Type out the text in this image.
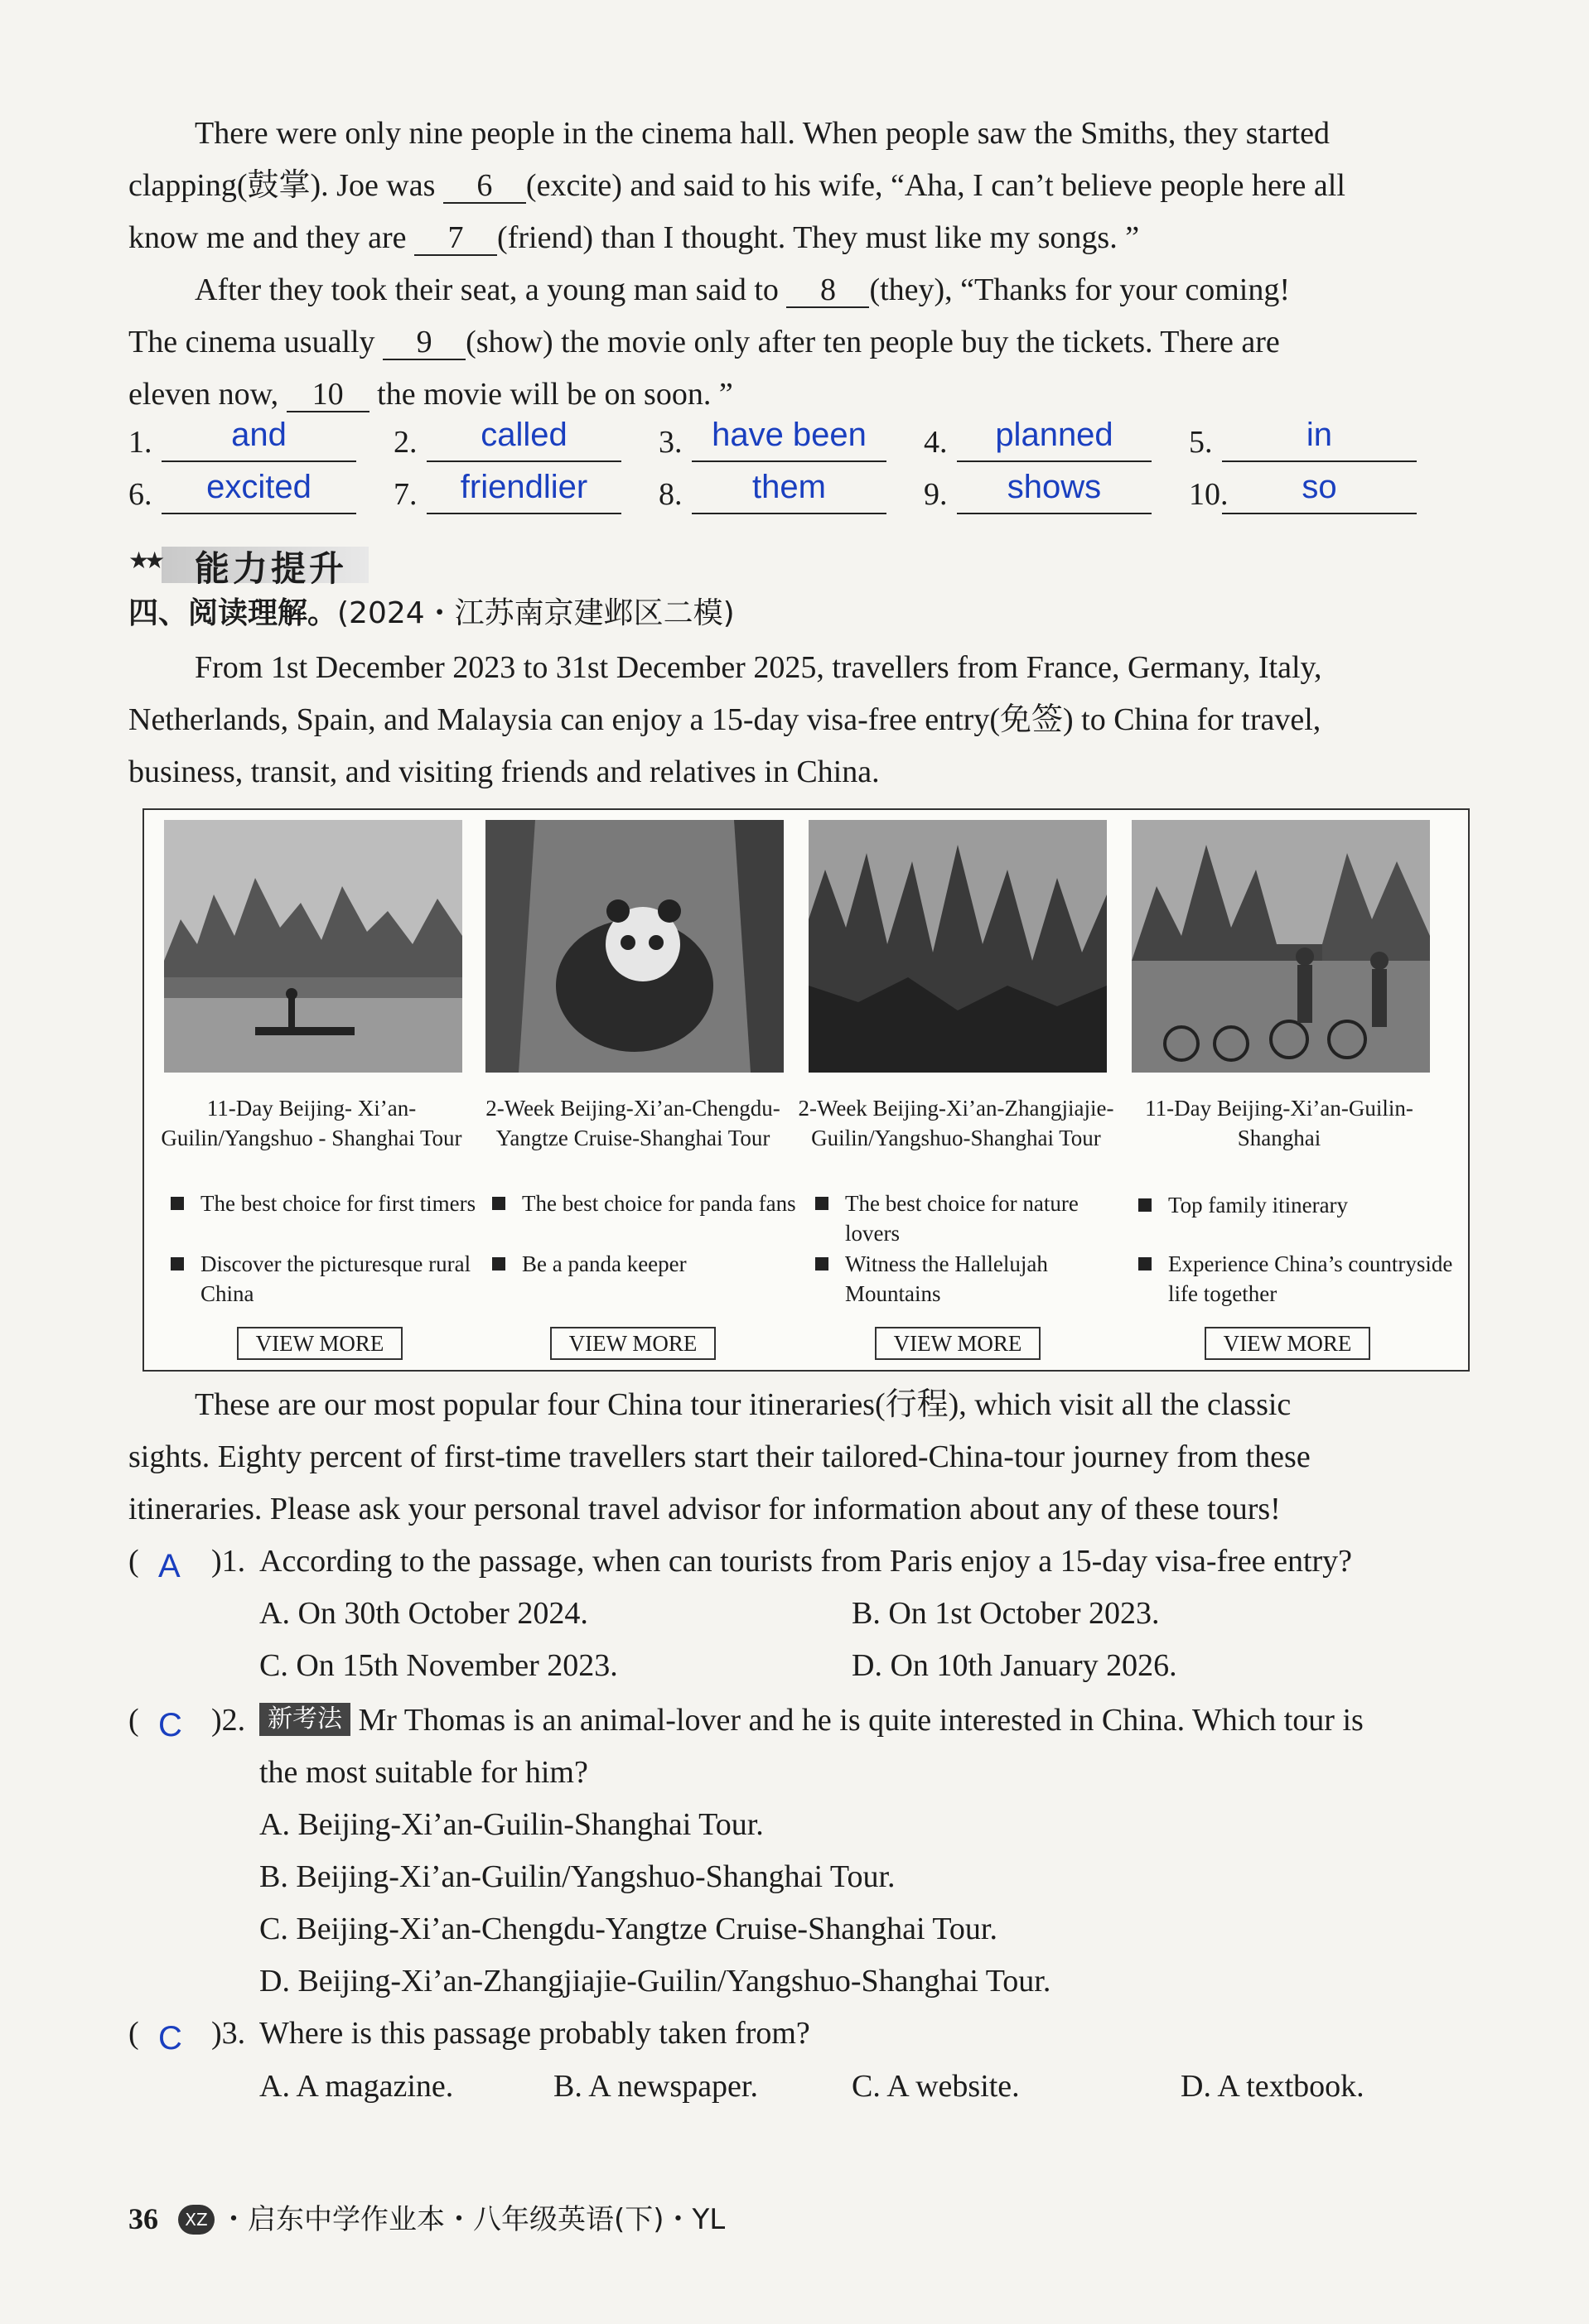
There were only nine people in the cinema hall. When people saw the Smiths, they started
clapping(鼓掌). Joe was 6 (excite) and said to his wife, “Aha, I can’t believe people here all
know me and they are 7 (friend) than I thought. They must like my songs. ”
After they took their seat, a young man said to 8 (they), “Thanks for your coming!
The cinema usually 9 (show) the movie only after ten people buy the tickets. There are
eleven now, 10 the movie will be on soon. ”
1.	and	2.	called	3. have been	4.	planned	5.	in
6.	excited	7.	friendlier	8.	them	9.	shows	10.	so
★★ 能力提升
四、阅读理解。(2024・江苏南京建邺区二模)
From 1st December 2023 to 31st December 2025, travellers from France, Germany, Italy,
Netherlands, Spain, and Malaysia can enjoy a 15-day visa-free entry(免签) to China for travel,
business, transit, and visiting friends and relatives in China.
11-Day Beijing- Xi’an-Guilin/Yangshuo - Shanghai Tour
The best choice for first timers
Discover the picturesque rural China
VIEW MORE
2-Week Beijing-Xi’an-Chengdu-Yangtze Cruise-Shanghai Tour
The best choice for panda fans
Be a panda keeper
VIEW MORE
2-Week Beijing-Xi’an-Zhangjiajie-Guilin/Yangshuo-Shanghai Tour
The best choice for nature lovers
Witness the Hallelujah Mountains
VIEW MORE
11-Day Beijing-Xi’an-Guilin-Shanghai
Top family itinerary
Experience China’s countryside life together
VIEW MORE
These are our most popular four China tour itineraries(行程), which visit all the classic
sights. Eighty percent of first-time travellers start their tailored-China-tour journey from these
itineraries. Please ask your personal travel advisor for information about any of these tours!
( A )1. According to the passage, when can tourists from Paris enjoy a 15-day visa-free entry?
A. On 30th October 2024.	B. On 1st October 2023.
C. On 15th November 2023.	D. On 10th January 2026.
( C )2. 新考法 Mr Thomas is an animal-lover and he is quite interested in China. Which tour is
the most suitable for him?
A. Beijing-Xi’an-Guilin-Shanghai Tour.
B. Beijing-Xi’an-Guilin/Yangshuo-Shanghai Tour.
C. Beijing-Xi’an-Chengdu-Yangtze Cruise-Shanghai Tour.
D. Beijing-Xi’an-Zhangjiajie-Guilin/Yangshuo-Shanghai Tour.
( C )3. Where is this passage probably taken from?
A. A magazine.	B. A newspaper.	C. A website.	D. A textbook.
36 XZ ・启东中学作业本・八年级英语(下)・YL
